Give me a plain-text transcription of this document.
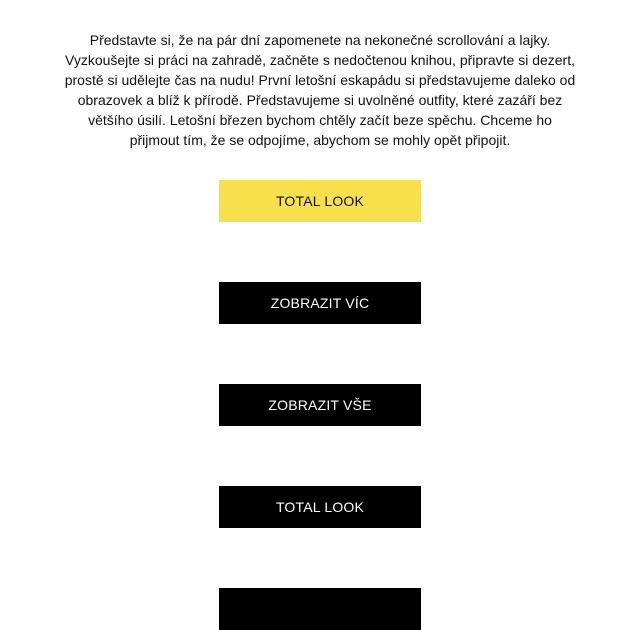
Představte si, že na pár dní zapomenete na nekonečné scrollování a lajky. Vyzkoušejte si práci na zahradě, začněte s nedočtenou knihou, připravte si dezert, prostě si udělejte čas na nudu! První letošní eskapádu si představujeme daleko od obrazovek a blíž k přírodě. Představujeme si uvolněné outfity, které zazáří bez většího úsilí. Letošní březen bychom chtěly začít beze spěchu. Chceme ho přijmout tím, že se odpojíme, abychom se mohly opět připojit.

TOTAL LOOK
ZOBRAZIT VÍC
ZOBRAZIT VŠE
TOTAL LOOK
